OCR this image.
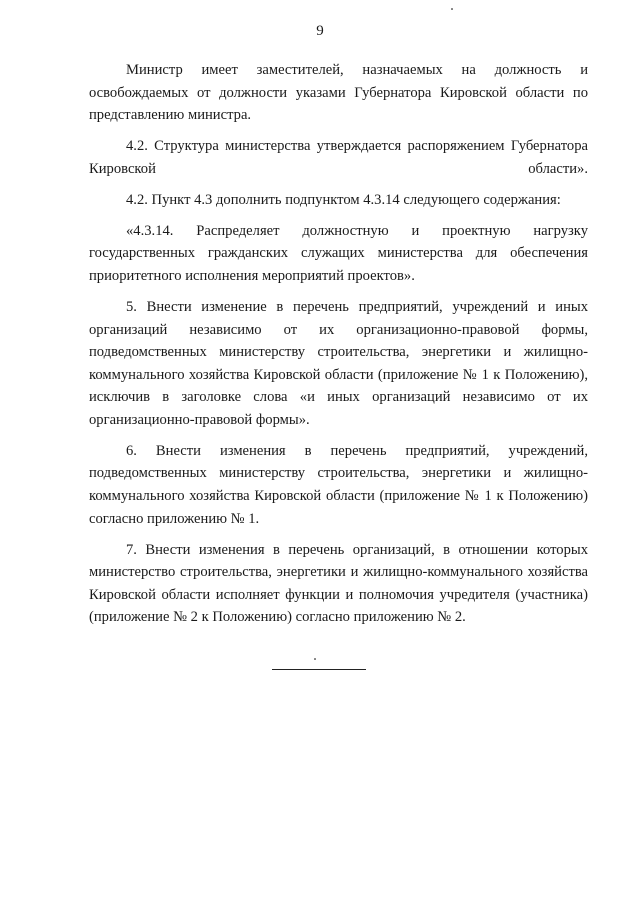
9

Министр имеет заместителей, назначаемых на должность и освобождаемых от должности указами Губернатора Кировской области по представлению министра.

4.2. Структура министерства утверждается распоряжением Губернатора Кировской области».

4.2. Пункт 4.3 дополнить подпунктом 4.3.14 следующего содержания:

«4.3.14. Распределяет должностную и проектную нагрузку государственных гражданских служащих министерства для обеспечения приоритетного исполнения мероприятий проектов».

5. Внести изменение в перечень предприятий, учреждений и иных организаций независимо от их организационно-правовой формы, подведомственных министерству строительства, энергетики и жилищно-коммунального хозяйства Кировской области (приложение № 1 к Положению), исключив в заголовке слова «и иных организаций независимо от их организационно-правовой формы».

6. Внести изменения в перечень предприятий, учреждений, подведомственных министерству строительства, энергетики и жилищно-коммунального хозяйства Кировской области (приложение № 1 к Положению) согласно приложению № 1.

7. Внести изменения в перечень организаций, в отношении которых министерство строительства, энергетики и жилищно-коммунального хозяйства Кировской области исполняет функции и полномочия учредителя (участника) (приложение № 2 к Положению) согласно приложению № 2.
